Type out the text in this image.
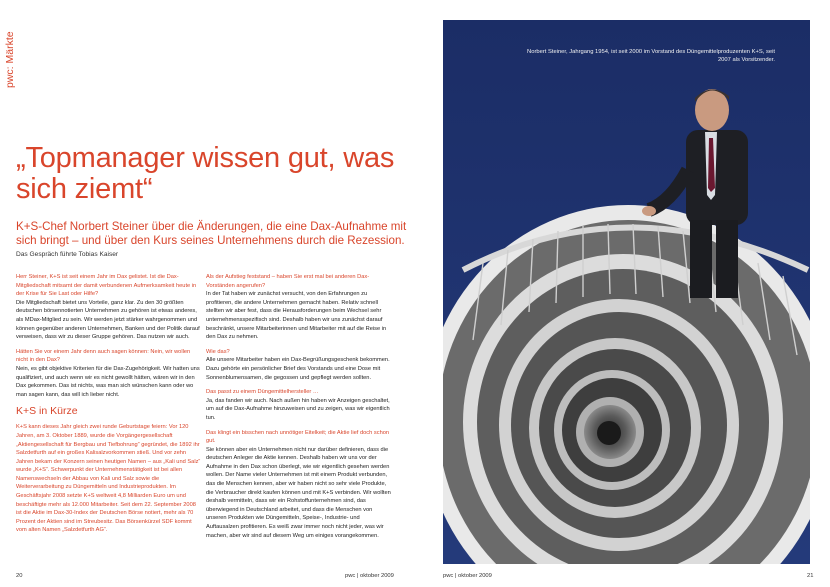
pwc: Märkte
„Topmanager wissen gut, was sich ziemt“

K+S-Chef Norbert Steiner über die Änderungen, die eine Dax-Aufnahme mit sich bringt – und über den Kurs seines Unternehmens durch die Rezession.

Das Gespräch führte Tobias Kaiser

Herr Steiner, K+S ist seit einem Jahr im Dax gelistet. Ist die Dax-Mitgliedschaft mitsamt der damit verbundenen Aufmerksamkeit heute in der Krise für Sie Last oder Hilfe?
Die Mitgliedschaft bietet uns Vorteile, ganz klar. Zu den 30 größten deutschen börsennotierten Unternehmen zu gehören ist etwas anderes, als MDax-Mitglied zu sein. Wir werden jetzt stärker wahrgenommen und können gegenüber anderen Unternehmen, Banken und der Politik darauf verweisen, dass wir zu dieser Gruppe gehören. Das nutzen wir auch.

Hätten Sie vor einem Jahr denn auch sagen können: Nein, wir wollen nicht in den Dax?
Nein, es gibt objektive Kriterien für die Dax-Zugehörigkeit. Wir hatten uns qualifiziert, und auch wenn wir es nicht gewollt hätten, wären wir in den Dax gekommen. Das ist nichts, was man sich wünschen kann oder wo man sagen kann, das will ich lieber nicht.

K+S in Kürze
K+S kann dieses Jahr gleich zwei runde Geburtstage feiern: Vor 120 Jahren, am 3. Oktober 1889, wurde die Vorgängergesellschaft „Aktiengesellschaft für Bergbau und Tiefbohrung“ gegründet, die 1892 ihr Salzdetfurth auf ein großes Kalisalzvorkommen stieß. Und vor zehn Jahren bekam der Konzern seinen heutigen Namen – aus „Kali und Salz“ wurde „K+S“. Schwerpunkt der Unternehmenstätigkeit ist bei allen Namenswechseln der Abbau von Kali und Salz sowie die Weiterverarbeitung zu Düngemitteln und Industrieprodukten. Im Geschäftsjahr 2008 setzte K+S weltweit 4,8 Milliarden Euro um und beschäftigte mehr als 12.000 Mitarbeiter. Seit dem 22. September 2008 ist die Aktie im Dax-30-Index der Deutschen Börse notiert, mehr als 70 Prozent der Aktien sind im Streubesitz. Das Börsenkürzel SDF kommt vom alten Namen „Salzdetfurth AG“.

Als der Aufstieg feststand – haben Sie erst mal bei anderen Dax-Vorständen angerufen?
In der Tat haben wir zunächst versucht, von den Erfahrungen zu profitieren, die andere Unternehmen gemacht haben. Relativ schnell stellten wir aber fest, dass die Herausforderungen beim Wechsel sehr unternehmensspezifisch sind. Deshalb haben wir uns zunächst darauf beschränkt, unsere Mitarbeiterinnen und Mitarbeiter mit auf die Reise in den Dax zu nehmen.

Wie das?
Alle unsere Mitarbeiter haben ein Dax-Begrüßungsgeschenk bekommen. Dazu gehörte ein persönlicher Brief des Vorstands und eine Dose mit Sonnenblumensamen, die gegossen und gepflegt werden sollten.

Das passt zu einem Düngemittelhersteller …
Ja, das fanden wir auch. Nach außen hin haben wir Anzeigen geschaltet, um auf die Dax-Aufnahme hinzuweisen und zu zeigen, was wir eigentlich tun.

Das klingt ein bisschen nach unnötiger Eitelkeit; die Aktie lief doch schon gut.
Sie können aber ein Unternehmen nicht nur darüber definieren, dass die deutschen Anleger die Aktie kennen. Deshalb haben wir uns vor der Aufnahme in den Dax schon überlegt, wie wir eigentlich gesehen werden wollen. Der Name vieler Unternehmen ist mit einem Produkt verbunden, das die Menschen kennen, aber wir haben nicht so sehr viele Produkte, die Verbraucher direkt kaufen können und mit K+S verbinden. Wir wollten deshalb vermitteln, dass wir ein Rohstoffunternehmen sind, das überwiegend in Deutschland arbeitet, und dass die Menschen von unseren Produkten wie Düngemitteln, Speise-, Industrie- und Auftausalzen profitieren. Es weiß zwar immer noch nicht jeder, was wir machen, aber wir sind auf diesem Weg um einiges vorangekommen.

20	pwc | oktober 2009
Norbert Steiner, Jahrgang 1954, ist seit 2000 im Vorstand des Düngemittelproduzenten K+S, seit 2007 als Vorsitzender.
pwc | oktober 2009	21
